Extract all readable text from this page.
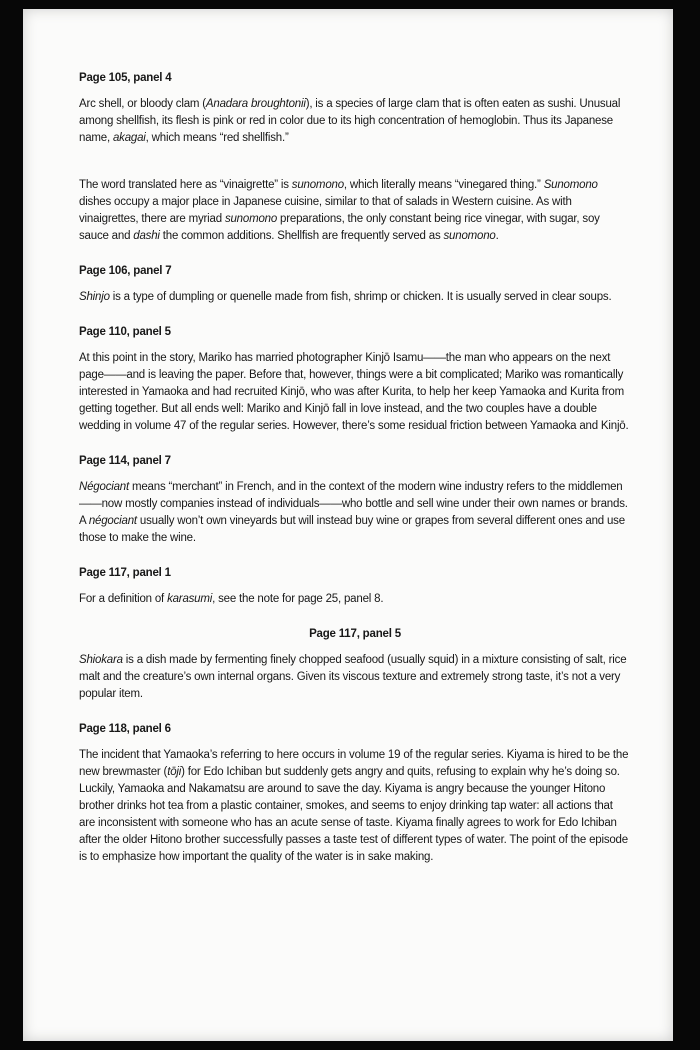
Page 105, panel 4

Arc shell, or bloody clam (Anadara broughtonii), is a species of large clam that is often eaten as sushi. Unusual among shellfish, its flesh is pink or red in color due to its high concentration of hemoglobin. Thus its Japanese name, akagai, which means “red shellfish.”

The word translated here as “vinaigrette” is sunomono, which literally means “vinegared thing.” Sunomono dishes occupy a major place in Japanese cuisine, similar to that of salads in Western cuisine. As with vinaigrettes, there are myriad sunomono preparations, the only constant being rice vinegar, with sugar, soy sauce and dashi the common additions. Shellfish are frequently served as sunomono.

Page 106, panel 7

Shinjo is a type of dumpling or quenelle made from fish, shrimp or chicken. It is usually served in clear soups.

Page 110, panel 5

At this point in the story, Mariko has married photographer Kinjō Isamu——the man who appears on the next page——and is leaving the paper. Before that, however, things were a bit complicated; Mariko was romantically interested in Yamaoka and had recruited Kinjō, who was after Kurita, to help her keep Yamaoka and Kurita from getting together. But all ends well: Mariko and Kinjō fall in love instead, and the two couples have a double wedding in volume 47 of the regular series. However, there’s some residual friction between Yamaoka and Kinjō.

Page 114, panel 7

Négociant means “merchant” in French, and in the context of the modern wine industry refers to the middlemen——now mostly companies instead of individuals——who bottle and sell wine under their own names or brands. A négociant usually won’t own vineyards but will instead buy wine or grapes from several different ones and use those to make the wine.

Page 117, panel 1

For a definition of karasumi, see the note for page 25, panel 8.

Page 117, panel 5

Shiokara is a dish made by fermenting finely chopped seafood (usually squid) in a mixture consisting of salt, rice malt and the creature’s own internal organs. Given its viscous texture and extremely strong taste, it’s not a very popular item.

Page 118, panel 6

The incident that Yamaoka’s referring to here occurs in volume 19 of the regular series. Kiyama is hired to be the new brewmaster (tōji) for Edo Ichiban but suddenly gets angry and quits, refusing to explain why he’s doing so. Luckily, Yamaoka and Nakamatsu are around to save the day. Kiyama is angry because the younger Hitono brother drinks hot tea from a plastic container, smokes, and seems to enjoy drinking tap water: all actions that are inconsistent with someone who has an acute sense of taste. Kiyama finally agrees to work for Edo Ichiban after the older Hitono brother successfully passes a taste test of different types of water. The point of the episode is to emphasize how important the quality of the water is in sake making.
